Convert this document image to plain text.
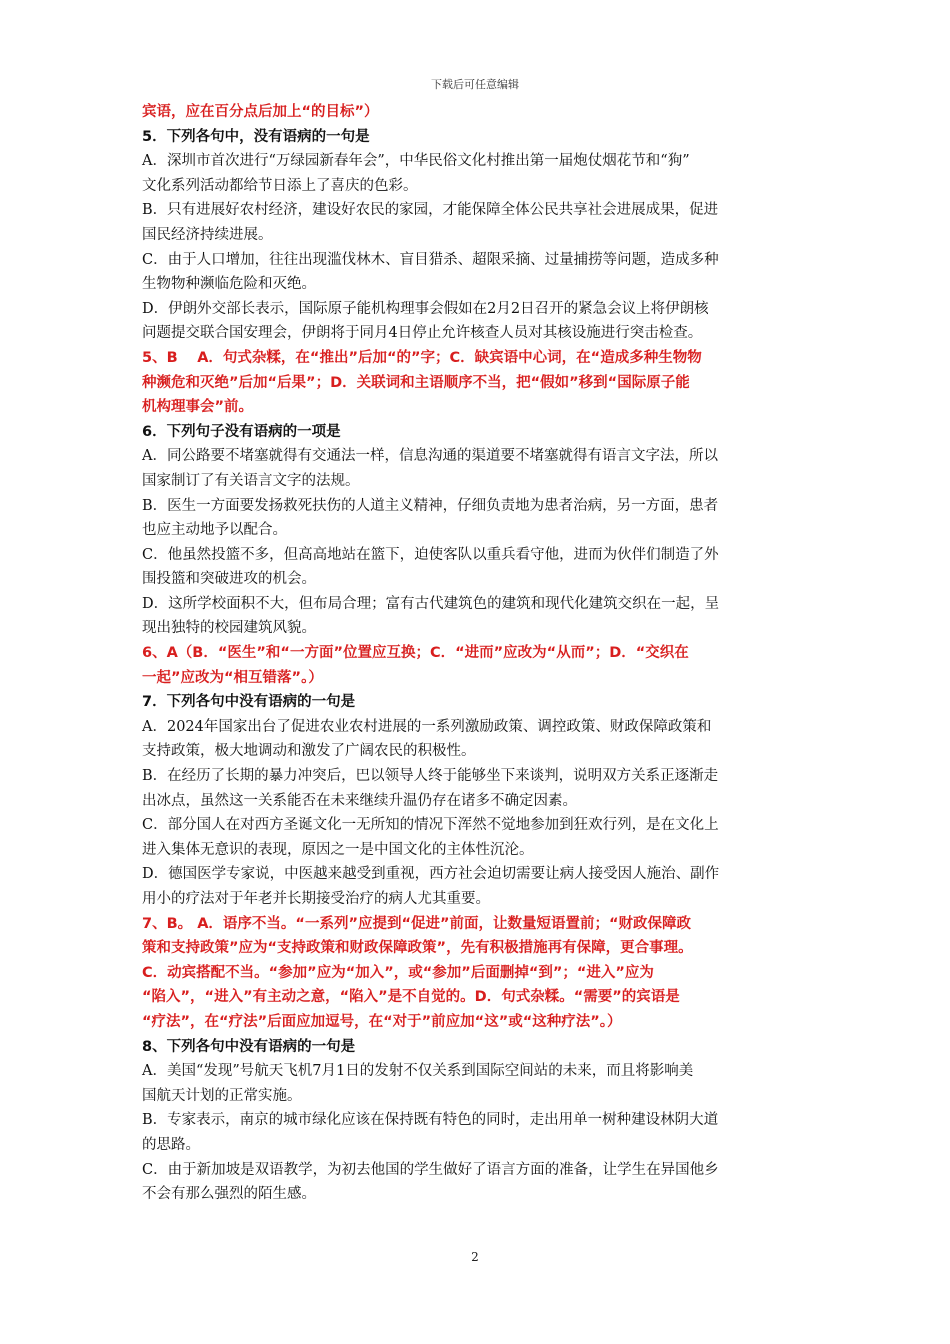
下载后可任意编辑
宾语，应在百分点后加上“的目标”）
5．下列各句中，没有语病的一句是
A．深圳市首次进行“万绿园新春年会”，中华民俗文化村推出第一届炮仗烟花节和“狗”
文化系列活动都给节日添上了喜庆的色彩。
B．只有进展好农村经济，建设好农民的家园，才能保障全体公民共享社会进展成果，促进
国民经济持续进展。
C．由于人口增加，往往出现滥伐林木、盲目猎杀、超限采摘、过量捕捞等问题，造成多种
生物物种濒临危险和灭绝。
D．伊朗外交部长表示，国际原子能机构理事会假如在2月2日召开的紧急会议上将伊朗核
问题提交联合国安理会，伊朗将于同月4日停止允许核查人员对其核设施进行突击检查。
5、B　 A．句式杂糅，在“推出”后加“的”字；C．缺宾语中心词，在“造成多种生物物
种濒危和灭绝”后加“后果”；D．关联词和主语顺序不当，把“假如”移到“国际原子能
机构理事会”前。
6．下列句子没有语病的一项是
A．同公路要不堵塞就得有交通法一样，信息沟通的渠道要不堵塞就得有语言文字法，所以
国家制订了有关语言文字的法规。
B．医生一方面要发扬救死扶伤的人道主义精神，仔细负责地为患者治病，另一方面，患者
也应主动地予以配合。
C．他虽然投篮不多，但高高地站在篮下，迫使客队以重兵看守他，进而为伙伴们制造了外
围投篮和突破进攻的机会。
D．这所学校面积不大，但布局合理；富有古代建筑色的建筑和现代化建筑交织在一起，呈
现出独特的校园建筑风貌。
6、A（B．“医生”和“一方面”位置应互换；C．“进而”应改为“从而”；D．“交织在
一起”应改为“相互错落”。）
7．下列各句中没有语病的一句是
A．2024年国家出台了促进农业农村进展的一系列激励政策、调控政策、财政保障政策和
支持政策，极大地调动和激发了广阔农民的积极性。
B．在经历了长期的暴力冲突后，巴以领导人终于能够坐下来谈判，说明双方关系正逐渐走
出冰点，虽然这一关系能否在未来继续升温仍存在诸多不确定因素。
C．部分国人在对西方圣诞文化一无所知的情况下浑然不觉地参加到狂欢行列，是在文化上
进入集体无意识的表现，原因之一是中国文化的主体性沉沦。
D．德国医学专家说，中医越来越受到重视，西方社会迫切需要让病人接受因人施治、副作
用小的疗法对于年老并长期接受治疗的病人尤其重要。
7、B。 A．语序不当。“一系列”应提到“促进”前面，让数量短语置前；“财政保障政
策和支持政策”应为“支持政策和财政保障政策”，先有积极措施再有保障，更合事理。
C．动宾搭配不当。“参加”应为“加入”，或“参加”后面删掉“到”；“进入”应为
“陷入”，“进入”有主动之意，“陷入”是不自觉的。D．句式杂糅。“需要”的宾语是
“疗法”，在“疗法”后面应加逗号，在“对于”前应加“这”或“这种疗法”。）
8、下列各句中没有语病的一句是
A．美国“发现”号航天飞机7月1日的发射不仅关系到国际空间站的未来，而且将影响美
国航天计划的正常实施。
B．专家表示，南京的城市绿化应该在保持既有特色的同时，走出用单一树种建设林阴大道
的思路。
C．由于新加坡是双语教学，为初去他国的学生做好了语言方面的准备，让学生在异国他乡
不会有那么强烈的陌生感。
2
